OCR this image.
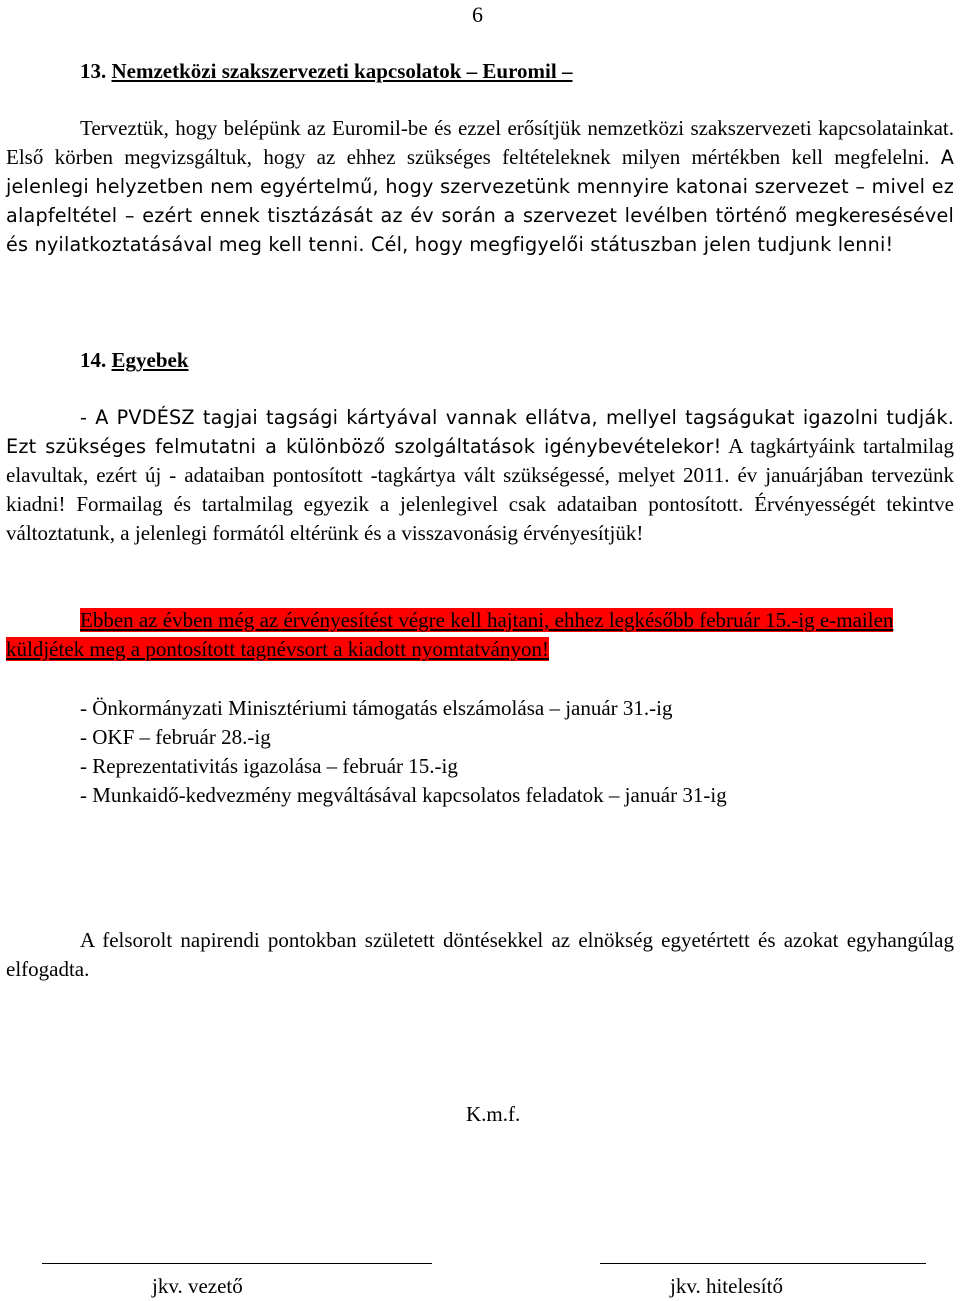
6
13. Nemzetközi szakszervezeti kapcsolatok – Euromil –
Terveztük, hogy belépünk az Euromil-be és ezzel erősítjük nemzetközi szakszervezeti kapcsolatainkat. Első körben megvizsgáltuk, hogy az ehhez szükséges feltételeknek milyen mértékben kell megfelelni. A jelenlegi helyzetben nem egyértelmű, hogy szervezetünk mennyire katonai szervezet – mivel ez alapfeltétel – ezért ennek tisztázását az év során a szervezet levélben történő megkeresésével és nyilatkoztatásával meg kell tenni. Cél, hogy megfigyelői státuszban jelen tudjunk lenni!
14. Egyebek
- A PVDÉSZ tagjai tagsági kártyával vannak ellátva, mellyel tagságukat igazolni tudják. Ezt szükséges felmutatni a különböző szolgáltatások igénybevételekor! A tagkártyáink tartalmilag elavultak, ezért új - adataiban pontosított -tagkártya vált szükségessé, melyet 2011. év januárjában tervezünk kiadni! Formailag és tartalmilag egyezik a jelenlegivel csak adataiban pontosított. Érvényességét tekintve változtatunk, a jelenlegi formától eltérünk és a visszavonásig érvényesítjük!
Ebben az évben még az érvényesítést végre kell hajtani, ehhez legkésőbb február 15.-ig e-mailen küldjétek meg a pontosított tagnévsort a kiadott nyomtatványon!
- Önkormányzati Minisztériumi támogatás elszámolása – január 31.-ig
- OKF – február 28.-ig
- Reprezentativitás igazolása – február 15.-ig
- Munkaidő-kedvezmény megváltásával kapcsolatos feladatok – január 31-ig
A felsorolt napirendi pontokban született döntésekkel az elnökség egyetértett és azokat egyhangúlag elfogadta.
K.m.f.
jkv. vezető	jkv. hitelesítő
